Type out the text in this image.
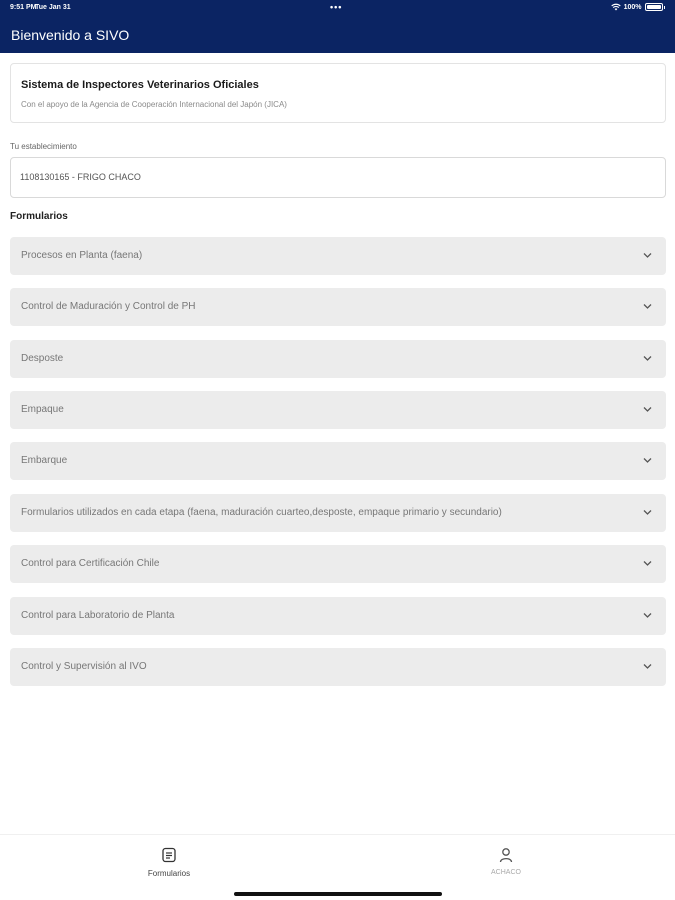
9:51 PM
Tue Jan 31	•••	100%
Bienvenido a SIVO
Sistema de Inspectores Veterinarios Oficiales
Con el apoyo de la Agencia de Cooperación Internacional del Japón (JICA)
Tu establecimiento
1108130165 - FRIGO CHACO
Formularios
Procesos en Planta (faena)
Control de Maduración y Control de PH
Desposte
Empaque
Embarque
Formularios utilizados en cada etapa (faena, maduración cuarteo,desposte, empaque primario y secundario)
Control para Certificación Chile
Control para Laboratorio de Planta
Control y Supervisión al IVO
Formularios	ACHACO
